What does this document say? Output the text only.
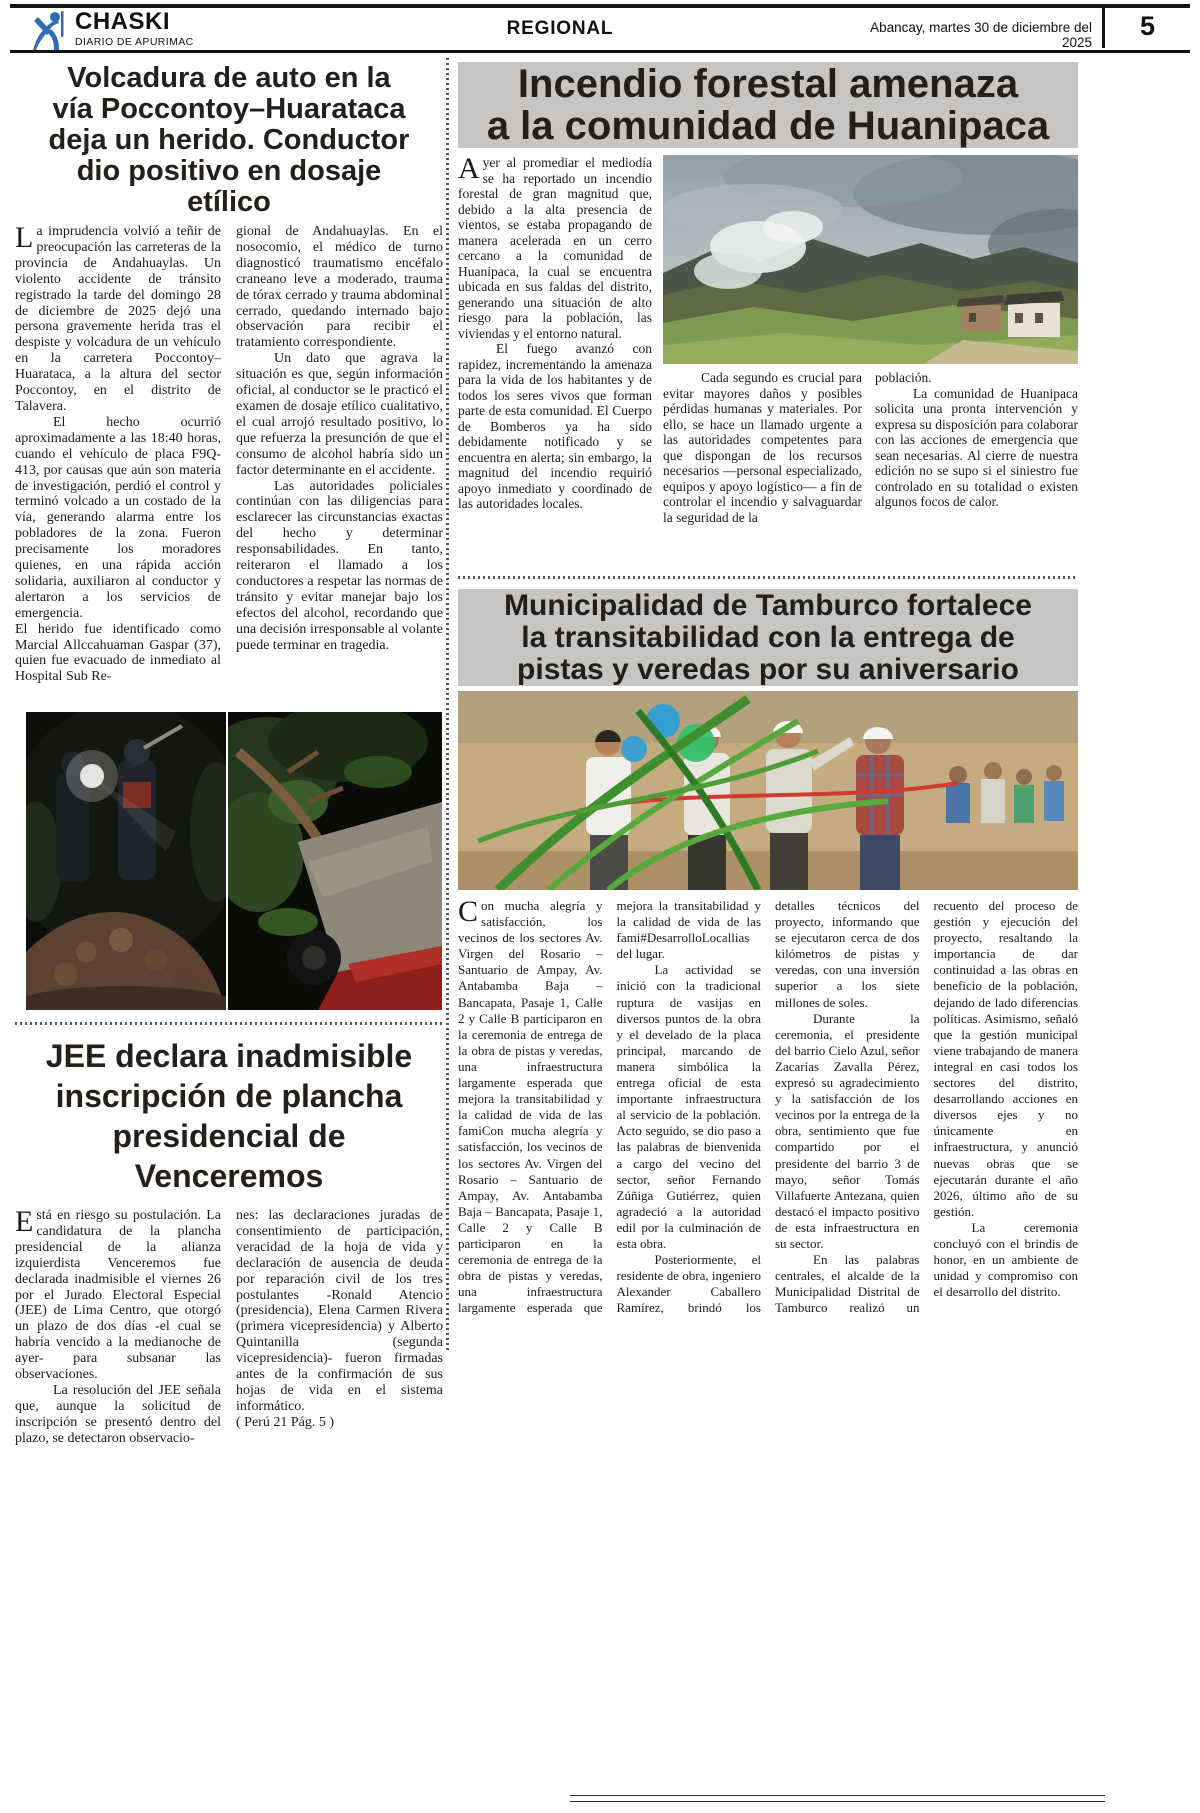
CHASKI
DIARIO DE APURIMAC
REGIONAL	Abancay, martes 30 de diciembre del 2025
5
Volcadura de auto en la
vía Poccontoy–Huarataca
deja un herido. Conductor
dio positivo en dosaje
etílico

La imprudencia volvió a teñir de preocupación las carreteras de la provincia de Andahuaylas. Un violento accidente de tránsito registrado la tarde del domingo 28 de diciembre de 2025 dejó una persona gravemente herida tras el despiste y volcadura de un vehículo en la carretera Poccontoy–Huarataca, a la altura del sector Poccontoy, en el distrito de Talavera.

El hecho ocurrió aproximadamente a las 18:40 horas, cuando el vehículo de placa F9Q-413, por causas que aún son materia de investigación, perdió el control y terminó volcado a un costado de la vía, generando alarma entre los pobladores de la zona. Fueron precisamente los moradores quienes, en una rápida acción solidaria, auxiliaron al conductor y alertaron a los servicios de emergencia.

El herido fue identificado como Marcial Allccahuaman Gaspar (37), quien fue evacuado de inmediato al Hospital Sub Re-

gional de Andahuaylas. En el nosocomio, el médico de turno diagnosticó traumatismo encéfalo craneano leve a moderado, trauma de tórax cerrado y trauma abdominal cerrado, quedando internado bajo observación para recibir el tratamiento correspondiente.

Un dato que agrava la situación es que, según información oficial, al conductor se le practicó el examen de dosaje etílico cualitativo, el cual arrojó resultado positivo, lo que refuerza la presunción de que el consumo de alcohol habría sido un factor determinante en el accidente.

Las autoridades policiales continúan con las diligencias para esclarecer las circunstancias exactas del hecho y determinar responsabilidades. En tanto, reiteraron el llamado a los conductores a respetar las normas de tránsito y evitar manejar bajo los efectos del alcohol, recordando que una decisión irresponsable al volante puede terminar en tragedia.

JEE declara inadmisible
inscripción de plancha
presidencial de
Venceremos

Está en riesgo su postulación. La candidatura de la plancha presidencial de la alianza izquierdista Venceremos fue declarada inadmisible el viernes 26 por el Jurado Electoral Especial (JEE) de Lima Centro, que otorgó un plazo de dos días -el cual se habría vencido a la medianoche de ayer- para subsanar las observaciones.

La resolución del JEE señala que, aunque la solicitud de inscripción se presentó dentro del plazo, se detectaron observacio-

nes: las declaraciones juradas de consentimiento de participación, veracidad de la hoja de vida y declaración de ausencia de deuda por reparación civil de los tres postulantes -Ronald Atencio (presidencia), Elena Carmen Rivera (primera vicepresidencia) y Alberto Quintanilla (segunda vicepresidencia)- fueron firmadas antes de la confirmación de sus hojas de vida en el sistema informático.

( Perú 21 Pág. 5 )

Incendio forestal amenaza
a la comunidad de Huanipaca

Ayer al promediar el mediodía se ha reportado un incendio forestal de gran magnitud que, debido a la alta presencia de vientos, se estaba propagando de manera acelerada en un cerro cercano a la comunidad de Huanipaca, la cual se encuentra ubicada en sus faldas del distrito, generando una situación de alto riesgo para la población, las viviendas y el entorno natural.

El fuego avanzó con rapidez, incrementando la amenaza para la vida de los habitantes y de todos los seres vivos que forman parte de esta comunidad. El Cuerpo de Bomberos ya ha sido debidamente notificado y se encuentra en alerta; sin embargo, la magnitud del incendio requirió apoyo inmediato y coordinado de las autoridades locales.

Cada segundo es crucial para evitar mayores daños y posibles pérdidas humanas y materiales. Por ello, se hace un llamado urgente a las autoridades competentes para que dispongan de los recursos necesarios —personal especializado, equipos y apoyo logístico— a fin de controlar el incendio y salvaguardar la seguridad de la

población.

La comunidad de Huanipaca solicita una pronta intervención y expresa su disposición para colaborar con las acciones de emergencia que sean necesarias. Al cierre de nuestra edición no se supo si el siniestro fue controlado en su totalidad o existen algunos focos de calor.

Municipalidad de Tamburco fortalece
la transitabilidad con la entrega de
pistas y veredas por su aniversario

Con mucha alegría y satisfacción, los vecinos de los sectores Av. Virgen del Rosario – Santuario de Ampay, Av. Antabamba Baja – Bancapata, Pasaje 1, Calle 2 y Calle B participaron en la ceremonia de entrega de la obra de pistas y veredas, una infraestructura largamente esperada que mejora la transitabilidad y la calidad de vida de las famiCon mucha alegría y satisfacción, los vecinos de los sectores Av. Virgen del Rosario – Santuario de Ampay, Av. Antabamba Baja – Bancapata, Pasaje 1, Calle 2 y Calle B participaron en la ceremonia de entrega de la obra de pistas y veredas, una infraestructura largamente esperada que mejora la transitabilidad y la calidad de vida de las fami#DesarrolloLocallias del lugar.

La actividad se inició con la tradicional ruptura de vasijas en diversos puntos de la obra y el develado de la placa principal, marcando de manera simbólica la entrega oficial de esta importante infraestructura al servicio de la población. Acto seguido, se dio paso a las palabras de bienvenida a cargo del vecino del sector, señor Fernando Zúñiga Gutiérrez, quien agradeció a la autoridad edil por la culminación de esta obra.

Posteriormente, el residente de obra, ingeniero Alexander Caballero Ramírez, brindó los detalles técnicos del proyecto, informando que se ejecutaron cerca de dos kilómetros de pistas y veredas, con una inversión superior a los siete millones de soles.

Durante la ceremonia, el presidente del barrio Cielo Azul, señor Zacarías Zavalla Pérez, expresó su agradecimiento y la satisfacción de los vecinos por la entrega de la obra, sentimiento que fue compartido por el presidente del barrio 3 de mayo, señor Tomás Villafuerte Antezana, quien destacó el impacto positivo de esta infraestructura en su sector.

En las palabras centrales, el alcalde de la Municipalidad Distrital de Tamburco realizó un recuento del proceso de gestión y ejecución del proyecto, resaltando la importancia de dar continuidad a las obras en beneficio de la población, dejando de lado diferencias políticas. Asimismo, señaló que la gestión municipal viene trabajando de manera integral en casi todos los sectores del distrito, desarrollando acciones en diversos ejes y no únicamente en infraestructura, y anunció nuevas obras que se ejecutarán durante el año 2026, último año de su gestión.

La ceremonia concluyó con el brindis de honor, en un ambiente de unidad y compromiso con el desarrollo del distrito.
